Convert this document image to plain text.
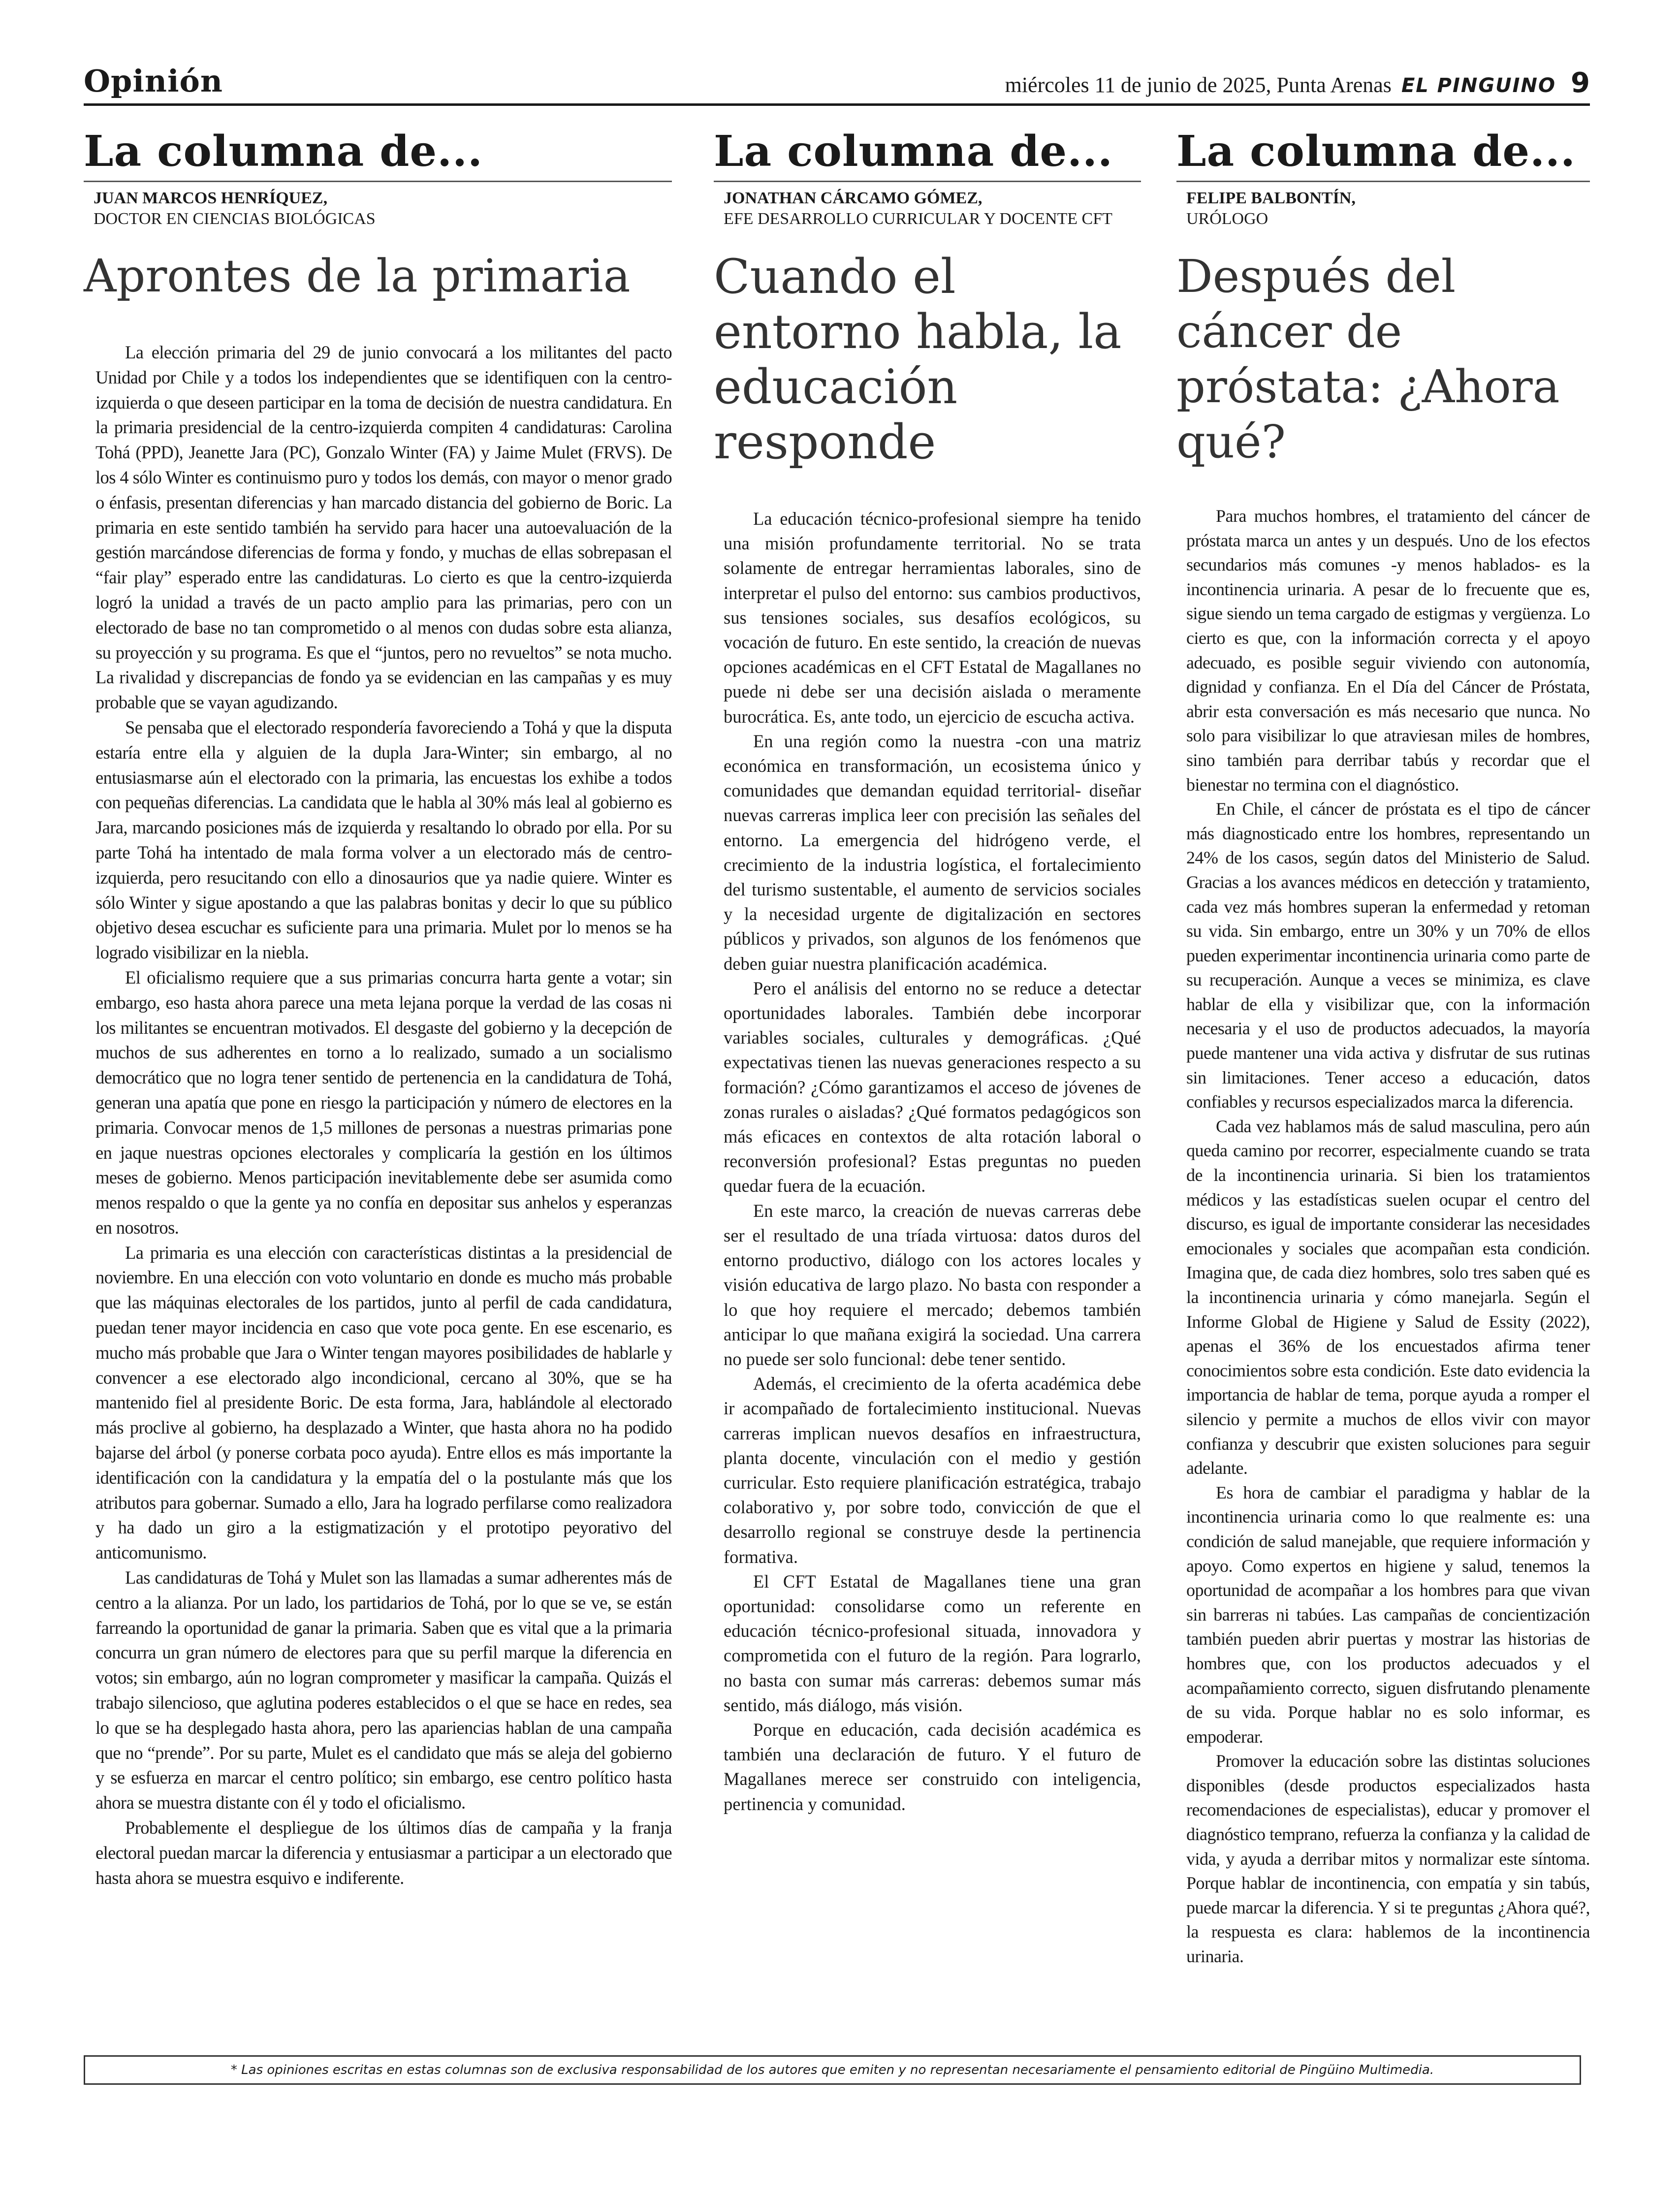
Opinión	miércoles 11 de junio de 2025, Punta Arenas EL PINGUINO 9
La columna de...
JUAN MARCOS HENRÍQUEZ,
DOCTOR EN CIENCIAS BIOLÓGICAS
Aprontes de la primaria

La elección primaria del 29 de junio convocará a los militantes del pacto Unidad por Chile y a todos los independientes que se identifiquen con la centro-izquierda o que deseen participar en la toma de decisión de nuestra candidatura. En la primaria presidencial de la centro-izquierda compiten 4 candidaturas: Carolina Tohá (PPD), Jeanette Jara (PC), Gonzalo Winter (FA) y Jaime Mulet (FRVS). De los 4 sólo Winter es continuismo puro y todos los demás, con mayor o menor grado o énfasis, presentan diferencias y han marcado distancia del gobierno de Boric. La primaria en este sentido también ha servido para hacer una autoevaluación de la gestión marcándose diferencias de forma y fondo, y muchas de ellas sobrepasan el “fair play” esperado entre las candidaturas. Lo cierto es que la centro-izquierda logró la unidad a través de un pacto amplio para las primarias, pero con un electorado de base no tan comprometido o al menos con dudas sobre esta alianza, su proyección y su programa. Es que el “juntos, pero no revueltos” se nota mucho. La rivalidad y discrepancias de fondo ya se evidencian en las campañas y es muy probable que se vayan agudizando.

Se pensaba que el electorado respondería favoreciendo a Tohá y que la disputa estaría entre ella y alguien de la dupla Jara-Winter; sin embargo, al no entusiasmarse aún el electorado con la primaria, las encuestas los exhibe a todos con pequeñas diferencias. La candidata que le habla al 30% más leal al gobierno es Jara, marcando posiciones más de izquierda y resaltando lo obrado por ella. Por su parte Tohá ha intentado de mala forma volver a un electorado más de centro-izquierda, pero resucitando con ello a dinosaurios que ya nadie quiere. Winter es sólo Winter y sigue apostando a que las palabras bonitas y decir lo que su público objetivo desea escuchar es suficiente para una primaria. Mulet por lo menos se ha logrado visibilizar en la niebla.

El oficialismo requiere que a sus primarias concurra harta gente a votar; sin embargo, eso hasta ahora parece una meta lejana porque la verdad de las cosas ni los militantes se encuentran motivados. El desgaste del gobierno y la decepción de muchos de sus adherentes en torno a lo realizado, sumado a un socialismo democrático que no logra tener sentido de pertenencia en la candidatura de Tohá, generan una apatía que pone en riesgo la participación y número de electores en la primaria. Convocar menos de 1,5 millones de personas a nuestras primarias pone en jaque nuestras opciones electorales y complicaría la gestión en los últimos meses de gobierno. Menos participación inevitablemente debe ser asumida como menos respaldo o que la gente ya no confía en depositar sus anhelos y esperanzas en nosotros.

La primaria es una elección con características distintas a la presidencial de noviembre. En una elección con voto voluntario en donde es mucho más probable que las máquinas electorales de los partidos, junto al perfil de cada candidatura, puedan tener mayor incidencia en caso que vote poca gente. En ese escenario, es mucho más probable que Jara o Winter tengan mayores posibilidades de hablarle y convencer a ese electorado algo incondicional, cercano al 30%, que se ha mantenido fiel al presidente Boric. De esta forma, Jara, hablándole al electorado más proclive al gobierno, ha desplazado a Winter, que hasta ahora no ha podido bajarse del árbol (y ponerse corbata poco ayuda). Entre ellos es más importante la identificación con la candidatura y la empatía del o la postulante más que los atributos para gobernar. Sumado a ello, Jara ha logrado perfilarse como realizadora y ha dado un giro a la estigmatización y el prototipo peyorativo del anticomunismo.

Las candidaturas de Tohá y Mulet son las llamadas a sumar adherentes más de centro a la alianza. Por un lado, los partidarios de Tohá, por lo que se ve, se están farreando la oportunidad de ganar la primaria. Saben que es vital que a la primaria concurra un gran número de electores para que su perfil marque la diferencia en votos; sin embargo, aún no logran comprometer y masificar la campaña. Quizás el trabajo silencioso, que aglutina poderes establecidos o el que se hace en redes, sea lo que se ha desplegado hasta ahora, pero las apariencias hablan de una campaña que no “prende”. Por su parte, Mulet es el candidato que más se aleja del gobierno y se esfuerza en marcar el centro político; sin embargo, ese centro político hasta ahora se muestra distante con él y todo el oficialismo.

Probablemente el despliegue de los últimos días de campaña y la franja electoral puedan marcar la diferencia y entusiasmar a participar a un electorado que hasta ahora se muestra esquivo e indiferente.

La columna de...
JONATHAN CÁRCAMO GÓMEZ,
EFE DESARROLLO CURRICULAR Y DOCENTE CFT
Cuando el entorno habla, la educación responde

La educación técnico-profesional siempre ha tenido una misión profundamente territorial. No se trata solamente de entregar herramientas laborales, sino de interpretar el pulso del entorno: sus cambios productivos, sus tensiones sociales, sus desafíos ecológicos, su vocación de futuro. En este sentido, la creación de nuevas opciones académicas en el CFT Estatal de Magallanes no puede ni debe ser una decisión aislada o meramente burocrática. Es, ante todo, un ejercicio de escucha activa.

En una región como la nuestra -con una matriz económica en transformación, un ecosistema único y comunidades que demandan equidad territorial- diseñar nuevas carreras implica leer con precisión las señales del entorno. La emergencia del hidrógeno verde, el crecimiento de la industria logística, el fortalecimiento del turismo sustentable, el aumento de servicios sociales y la necesidad urgente de digitalización en sectores públicos y privados, son algunos de los fenómenos que deben guiar nuestra planificación académica.

Pero el análisis del entorno no se reduce a detectar oportunidades laborales. También debe incorporar variables sociales, culturales y demográficas. ¿Qué expectativas tienen las nuevas generaciones respecto a su formación? ¿Cómo garantizamos el acceso de jóvenes de zonas rurales o aisladas? ¿Qué formatos pedagógicos son más eficaces en contextos de alta rotación laboral o reconversión profesional? Estas preguntas no pueden quedar fuera de la ecuación.

En este marco, la creación de nuevas carreras debe ser el resultado de una tríada virtuosa: datos duros del entorno productivo, diálogo con los actores locales y visión educativa de largo plazo. No basta con responder a lo que hoy requiere el mercado; debemos también anticipar lo que mañana exigirá la sociedad. Una carrera no puede ser solo funcional: debe tener sentido.

Además, el crecimiento de la oferta académica debe ir acompañado de fortalecimiento institucional. Nuevas carreras implican nuevos desafíos en infraestructura, planta docente, vinculación con el medio y gestión curricular. Esto requiere planificación estratégica, trabajo colaborativo y, por sobre todo, convicción de que el desarrollo regional se construye desde la pertinencia formativa.

El CFT Estatal de Magallanes tiene una gran oportunidad: consolidarse como un referente en educación técnico-profesional situada, innovadora y comprometida con el futuro de la región. Para lograrlo, no basta con sumar más carreras: debemos sumar más sentido, más diálogo, más visión.

Porque en educación, cada decisión académica es también una declaración de futuro. Y el futuro de Magallanes merece ser construido con inteligencia, pertinencia y comunidad.

La columna de...
FELIPE BALBONTÍN,
URÓLOGO
Después del cáncer de próstata: ¿Ahora qué?

Para muchos hombres, el tratamiento del cáncer de próstata marca un antes y un después. Uno de los efectos secundarios más comunes -y menos hablados- es la incontinencia urinaria. A pesar de lo frecuente que es, sigue siendo un tema cargado de estigmas y vergüenza. Lo cierto es que, con la información correcta y el apoyo adecuado, es posible seguir viviendo con autonomía, dignidad y confianza. En el Día del Cáncer de Próstata, abrir esta conversación es más necesario que nunca. No solo para visibilizar lo que atraviesan miles de hombres, sino también para derribar tabús y recordar que el bienestar no termina con el diagnóstico.

En Chile, el cáncer de próstata es el tipo de cáncer más diagnosticado entre los hombres, representando un 24% de los casos, según datos del Ministerio de Salud. Gracias a los avances médicos en detección y tratamiento, cada vez más hombres superan la enfermedad y retoman su vida. Sin embargo, entre un 30% y un 70% de ellos pueden experimentar incontinencia urinaria como parte de su recuperación. Aunque a veces se minimiza, es clave hablar de ella y visibilizar que, con la información necesaria y el uso de productos adecuados, la mayoría puede mantener una vida activa y disfrutar de sus rutinas sin limitaciones. Tener acceso a educación, datos confiables y recursos especializados marca la diferencia.

Cada vez hablamos más de salud masculina, pero aún queda camino por recorrer, especialmente cuando se trata de la incontinencia urinaria. Si bien los tratamientos médicos y las estadísticas suelen ocupar el centro del discurso, es igual de importante considerar las necesidades emocionales y sociales que acompañan esta condición. Imagina que, de cada diez hombres, solo tres saben qué es la incontinencia urinaria y cómo manejarla. Según el Informe Global de Higiene y Salud de Essity (2022), apenas el 36% de los encuestados afirma tener conocimientos sobre esta condición. Este dato evidencia la importancia de hablar de tema, porque ayuda a romper el silencio y permite a muchos de ellos vivir con mayor confianza y descubrir que existen soluciones para seguir adelante.

Es hora de cambiar el paradigma y hablar de la incontinencia urinaria como lo que realmente es: una condición de salud manejable, que requiere información y apoyo. Como expertos en higiene y salud, tenemos la oportunidad de acompañar a los hombres para que vivan sin barreras ni tabúes. Las campañas de concientización también pueden abrir puertas y mostrar las historias de hombres que, con los productos adecuados y el acompañamiento correcto, siguen disfrutando plenamente de su vida. Porque hablar no es solo informar, es empoderar.

Promover la educación sobre las distintas soluciones disponibles (desde productos especializados hasta recomendaciones de especialistas), educar y promover el diagnóstico temprano, refuerza la confianza y la calidad de vida, y ayuda a derribar mitos y normalizar este síntoma. Porque hablar de incontinencia, con empatía y sin tabús, puede marcar la diferencia. Y si te preguntas ¿Ahora qué?, la respuesta es clara: hablemos de la incontinencia urinaria.

* Las opiniones escritas en estas columnas son de exclusiva responsabilidad de los autores que emiten y no representan necesariamente el pensamiento editorial de Pingüino Multimedia.
